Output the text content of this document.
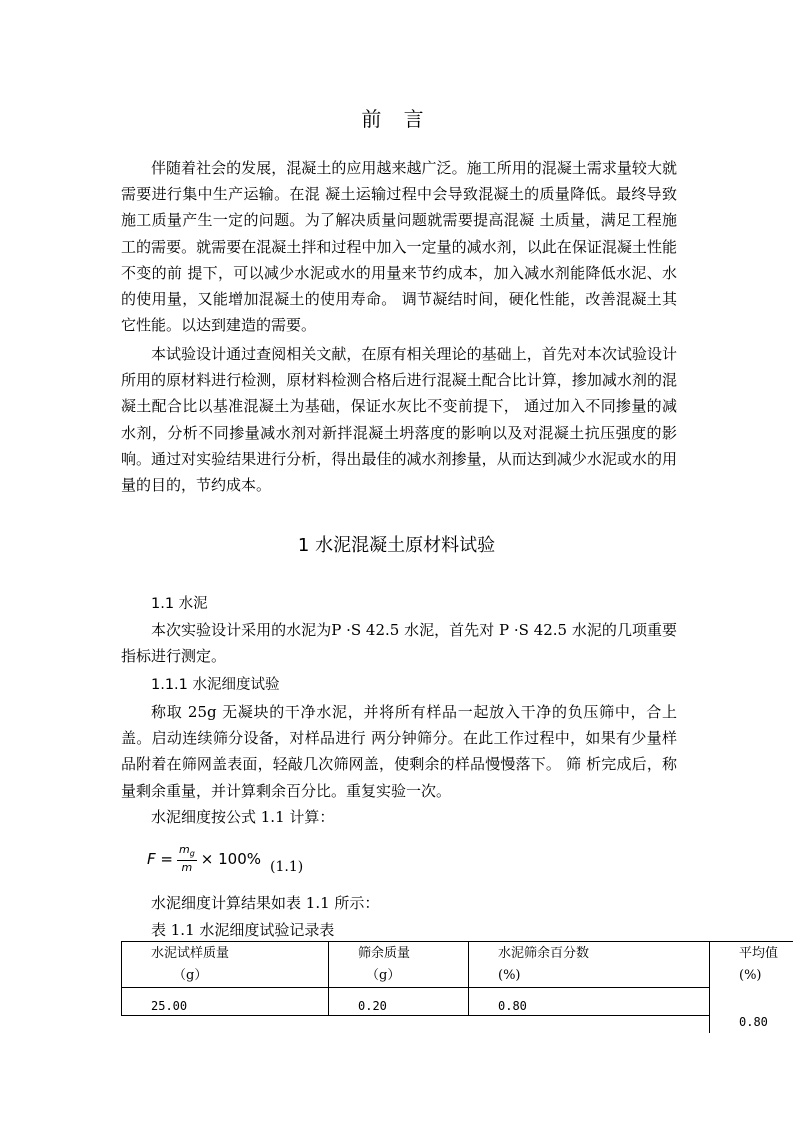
前 言
伴随着社会的发展，混凝土的应用越来越广泛。施工所用的混凝土需求量较大就需要进行集中生产运输。在混 凝土运输过程中会导致混凝土的质量降低。最终导致施工质量产生一定的问题。为了解决质量问题就需要提高混凝 土质量，满足工程施工的需要。就需要在混凝土拌和过程中加入一定量的减水剂，以此在保证混凝土性能不变的前 提下，可以减少水泥或水的用量来节约成本，加入减水剂能降低水泥、水的使用量，又能增加混凝土的使用寿命。 调节凝结时间，硬化性能，改善混凝土其它性能。以达到建造的需要。
本试验设计通过查阅相关文献，在原有相关理论的基础上，首先对本次试验设计所用的原材料进行检测，原材料检测合格后进行混凝土配合比计算，掺加减水剂的混凝土配合比以基准混凝土为基础，保证水灰比不变前提下， 通过加入不同掺量的减水剂，分析不同掺量减水剂对新拌混凝土坍落度的影响以及对混凝土抗压强度的影响。通过对实验结果进行分析，得出最佳的减水剂掺量，从而达到减少水泥或水的用量的目的，节约成本。
1 水泥混凝土原材料试验
1.1 水泥
本次实验设计采用的水泥为P ·S 42.5 水泥，首先对 P ·S 42.5 水泥的几项重要指标进行测定。
1.1.1 水泥细度试验
称取 25g 无凝块的干净水泥，并将所有样品一起放入干净的负压筛中，合上盖。启动连续筛分设备，对样品进行 两分钟筛分。在此工作过程中，如果有少量样品附着在筛网盖表面，轻敲几次筛网盖，使剩余的样品慢慢落下。 筛 析完成后，称量剩余重量，并计算剩余百分比。重复实验一次。
水泥细度按公式 1.1 计算：
$F = \frac{m_g}{m} \times 100\%$ (1.1)
水泥细度计算结果如表 1.1 所示：
表 1.1 水泥细度试验记录表
水泥试样质量
（g）
筛余质量
（g）
水泥筛余百分数
(%)
平均值
(%)
25.00	0.20	0.80
0.80
